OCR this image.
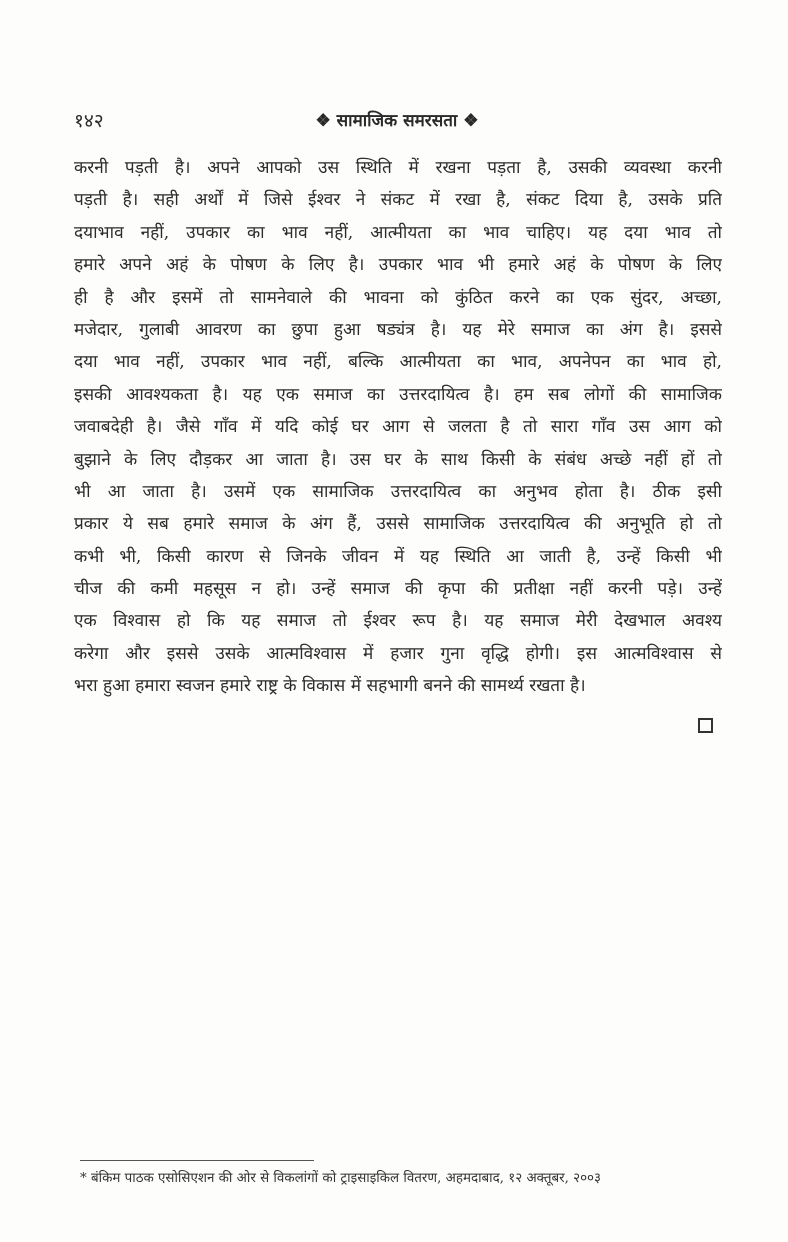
१४२	❖ सामाजिक समरसता ❖
करनी पड़ती है। अपने आपको उस स्थिति में रखना पड़ता है, उसकी व्यवस्था करनी
पड़ती है। सही अर्थों में जिसे ईश्वर ने संकट में रखा है, संकट दिया है, उसके प्रति
दयाभाव नहीं, उपकार का भाव नहीं, आत्मीयता का भाव चाहिए। यह दया भाव तो
हमारे अपने अहं के पोषण के लिए है। उपकार भाव भी हमारे अहं के पोषण के लिए
ही है और इसमें तो सामनेवाले की भावना को कुंठित करने का एक सुंदर, अच्छा,
मजेदार, गुलाबी आवरण का छुपा हुआ षड्यंत्र है। यह मेरे समाज का अंग है। इससे
दया भाव नहीं, उपकार भाव नहीं, बल्कि आत्मीयता का भाव, अपनेपन का भाव हो,
इसकी आवश्यकता है। यह एक समाज का उत्तरदायित्व है। हम सब लोगों की सामाजिक
जवाबदेही है। जैसे गाँव में यदि कोई घर आग से जलता है तो सारा गाँव उस आग को
बुझाने के लिए दौड़कर आ जाता है। उस घर के साथ किसी के संबंध अच्छे नहीं हों तो
भी आ जाता है। उसमें एक सामाजिक उत्तरदायित्व का अनुभव होता है। ठीक इसी
प्रकार ये सब हमारे समाज के अंग हैं, उससे सामाजिक उत्तरदायित्व की अनुभूति हो तो
कभी भी, किसी कारण से जिनके जीवन में यह स्थिति आ जाती है, उन्हें किसी भी
चीज की कमी महसूस न हो। उन्हें समाज की कृपा की प्रतीक्षा नहीं करनी पड़े। उन्हें
एक विश्वास हो कि यह समाज तो ईश्वर रूप है। यह समाज मेरी देखभाल अवश्य
करेगा और इससे उसके आत्मविश्वास में हजार गुना वृद्धि होगी। इस आत्मविश्वास से
भरा हुआ हमारा स्वजन हमारे राष्ट्र के विकास में सहभागी बनने की सामर्थ्य रखता है।
* बंकिम पाठक एसोसिएशन की ओर से विकलांगों को ट्राइसाइकिल वितरण, अहमदाबाद, १२ अक्तूबर, २००३
